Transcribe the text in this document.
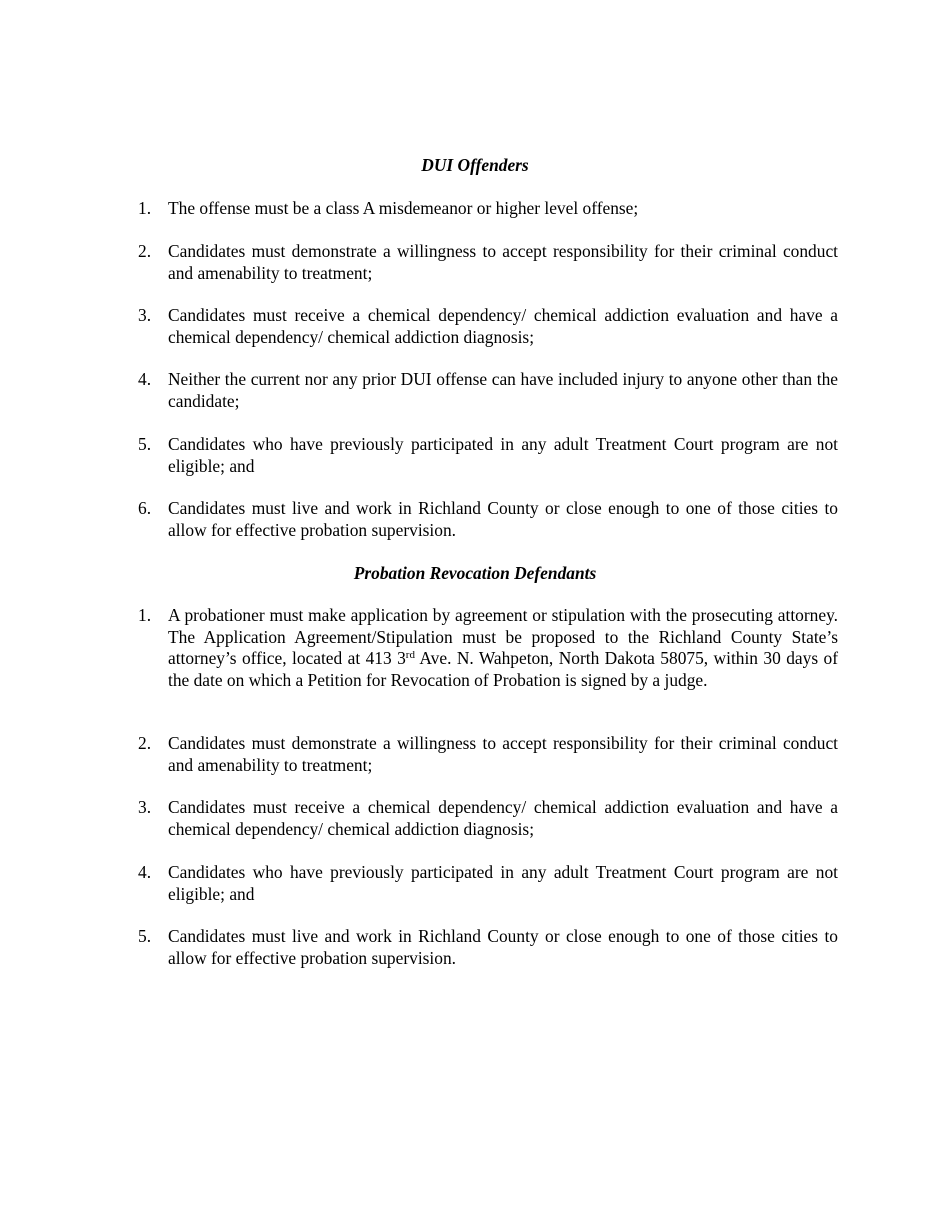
DUI Offenders
1. The offense must be a class A misdemeanor or higher level offense;
2. Candidates must demonstrate a willingness to accept responsibility for their criminal conduct and amenability to treatment;
3. Candidates must receive a chemical dependency/ chemical addiction evaluation and have a chemical dependency/ chemical addiction diagnosis;
4. Neither the current nor any prior DUI offense can have included injury to anyone other than the candidate;
5. Candidates who have previously participated in any adult Treatment Court program are not eligible; and
6. Candidates must live and work in Richland County or close enough to one of those cities to allow for effective probation supervision.
Probation Revocation Defendants
1. A probationer must make application by agreement or stipulation with the prosecuting attorney. The Application Agreement/Stipulation must be proposed to the Richland County State’s attorney’s office, located at 413 3rd Ave. N. Wahpeton, North Dakota 58075, within 30 days of the date on which a Petition for Revocation of Probation is signed by a judge.
2. Candidates must demonstrate a willingness to accept responsibility for their criminal conduct and amenability to treatment;
3. Candidates must receive a chemical dependency/ chemical addiction evaluation and have a chemical dependency/ chemical addiction diagnosis;
4. Candidates who have previously participated in any adult Treatment Court program are not eligible; and
5. Candidates must live and work in Richland County or close enough to one of those cities to allow for effective probation supervision.
